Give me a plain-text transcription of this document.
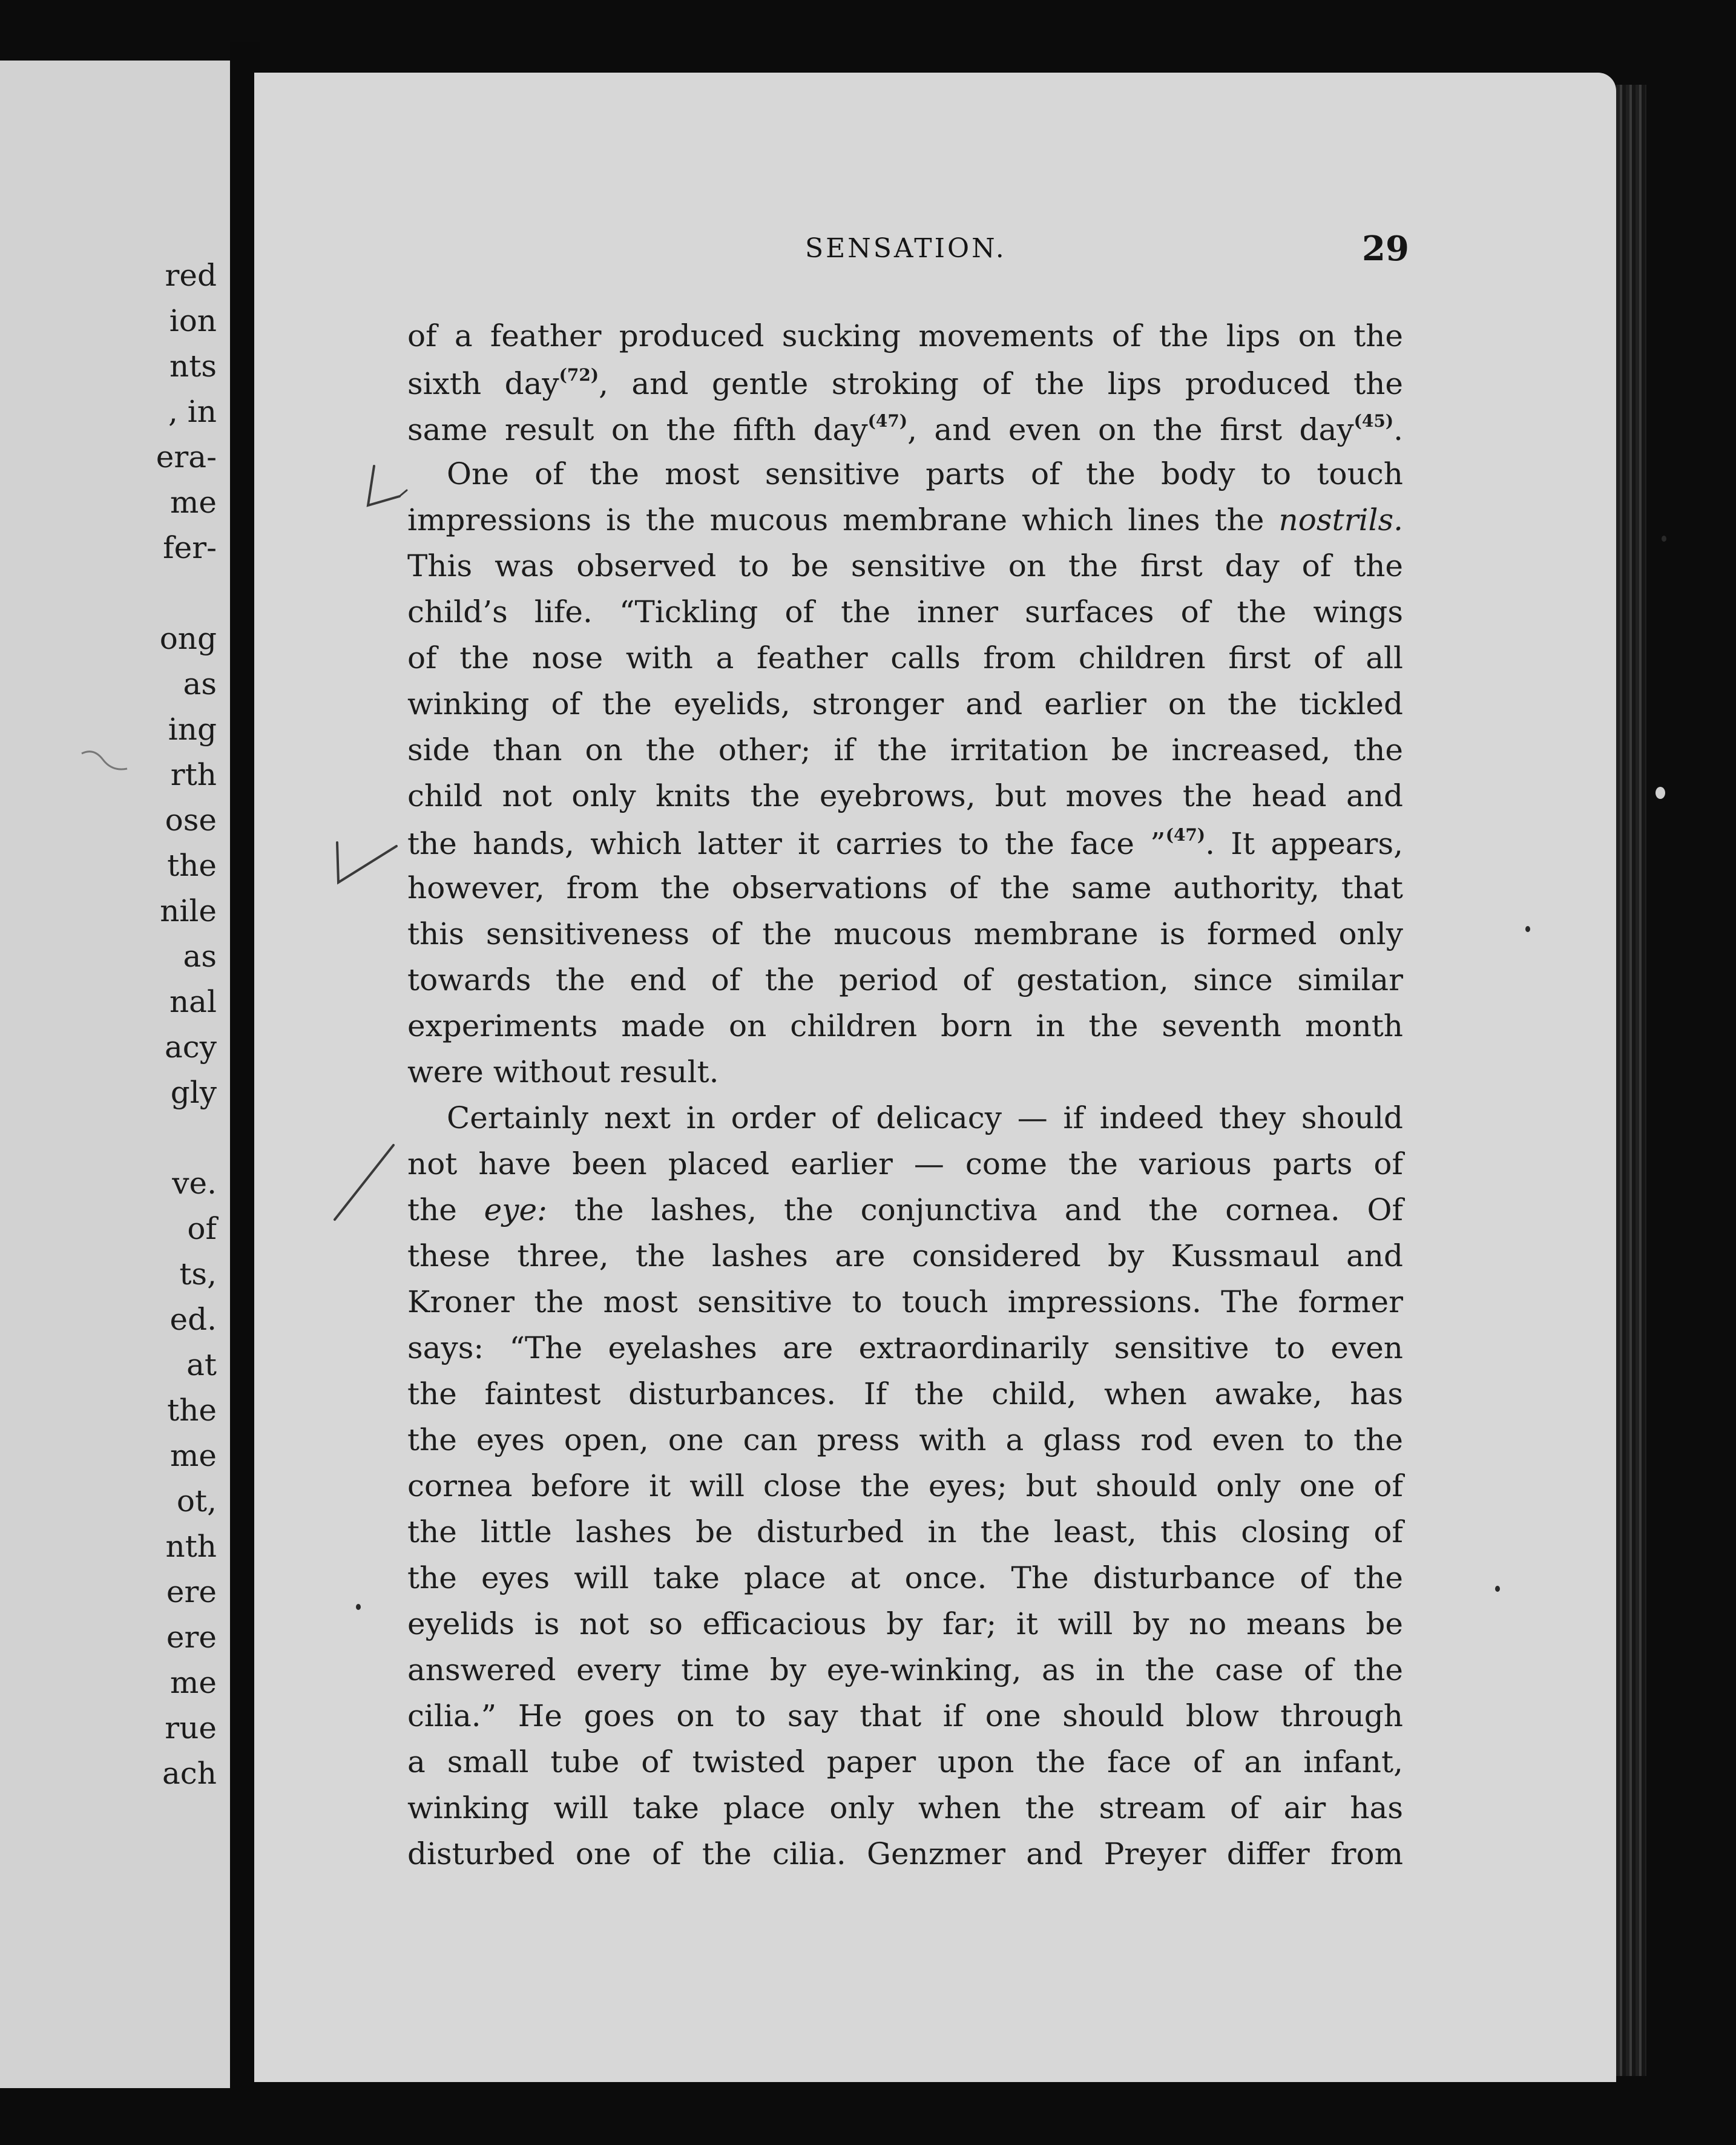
red
ion
nts
, in
era-
me
fer-
ong
as
ing
rth
ose
the
nile
as
nal
acy
gly
ve.
of
ts,
ed.
at
the
me
ot,
nth
ere
ere
me
rue
ach
SENSATION.	29
of a feather produced sucking movements of the lips on the
sixth day$^{(72)}$, and gentle stroking of the lips produced the
same result on the fifth day$^{(47)}$, and even on the first day$^{(45)}$.
One of the most sensitive parts of the body to touch
impressions is the mucous membrane which lines the nostrils.
This was observed to be sensitive on the first day of the
child’s life. “Tickling of the inner surfaces of the wings
of the nose with a feather calls from children first of all
winking of the eyelids, stronger and earlier on the tickled
side than on the other; if the irritation be increased, the
child not only knits the eyebrows, but moves the head and
the hands, which latter it carries to the face ”$^{(47)}$. It appears,
however, from the observations of the same authority, that
this sensitiveness of the mucous membrane is formed only
towards the end of the period of gestation, since similar
experiments made on children born in the seventh month
were without result.
Certainly next in order of delicacy — if indeed they should
not have been placed earlier — come the various parts of
the eye: the lashes, the conjunctiva and the cornea. Of
these three, the lashes are considered by Kussmaul and
Kroner the most sensitive to touch impressions. The former
says: “The eyelashes are extraordinarily sensitive to even
the faintest disturbances. If the child, when awake, has
the eyes open, one can press with a glass rod even to the
cornea before it will close the eyes; but should only one of
the little lashes be disturbed in the least, this closing of
the eyes will take place at once. The disturbance of the
eyelids is not so efficacious by far; it will by no means be
answered every time by eye-winking, as in the case of the
cilia.” He goes on to say that if one should blow through
a small tube of twisted paper upon the face of an infant,
winking will take place only when the stream of air has
disturbed one of the cilia. Genzmer and Preyer differ from
